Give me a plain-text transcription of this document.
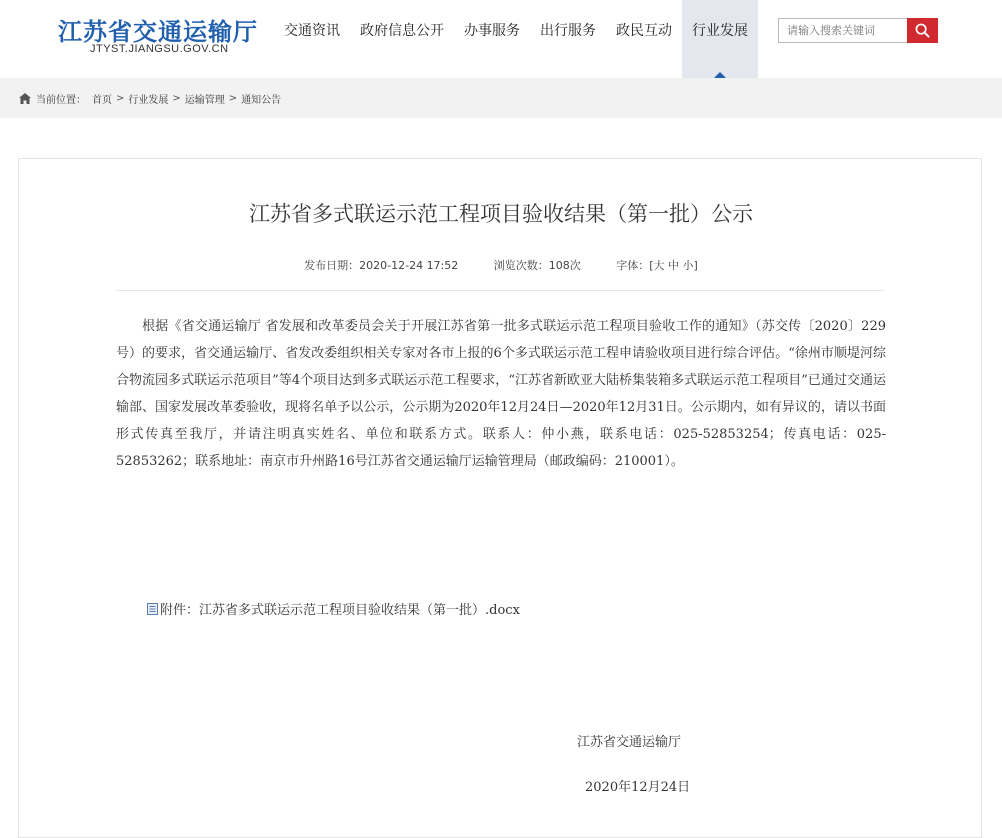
江苏省交通运输厅
JTYST.JIANGSU.GOV.CN
交通资讯	政府信息公开	办事服务	出行服务	政民互动	行业发展
请输入搜索关键词
当前位置： 首页 > 行业发展 > 运输管理 > 通知公告
江苏省多式联运示范工程项目验收结果（第一批）公示
发布日期：2020-12-24 17:52	浏览次数：108次	字体：[大 中 小]

根据《省交通运输厅 省发展和改革委员会关于开展江苏省第一批多式联运示范工程项目验收工作的通知》（苏交传〔2020〕229号）的要求，省交通运输厅、省发改委组织相关专家对各市上报的6个多式联运示范工程申请验收项目进行综合评估。“徐州市顺堤河综合物流园多式联运示范项目”等4个项目达到多式联运示范工程要求，“江苏省新欧亚大陆桥集装箱多式联运示范工程项目”已通过交通运输部、国家发展改革委验收，现将名单予以公示，公示期为2020年12月24日—2020年12月31日。公示期内，如有异议的，请以书面形式传真至我厅，并请注明真实姓名、单位和联系方式。联系人：仲小燕，联系电话：025-52853254；传真电话：025-52853262；联系地址：南京市升州路16号江苏省交通运输厅运输管理局（邮政编码：210001）。

附件： 江苏省多式联运示范工程项目验收结果（第一批）.docx
江苏省交通运输厅
2020年12月24日
